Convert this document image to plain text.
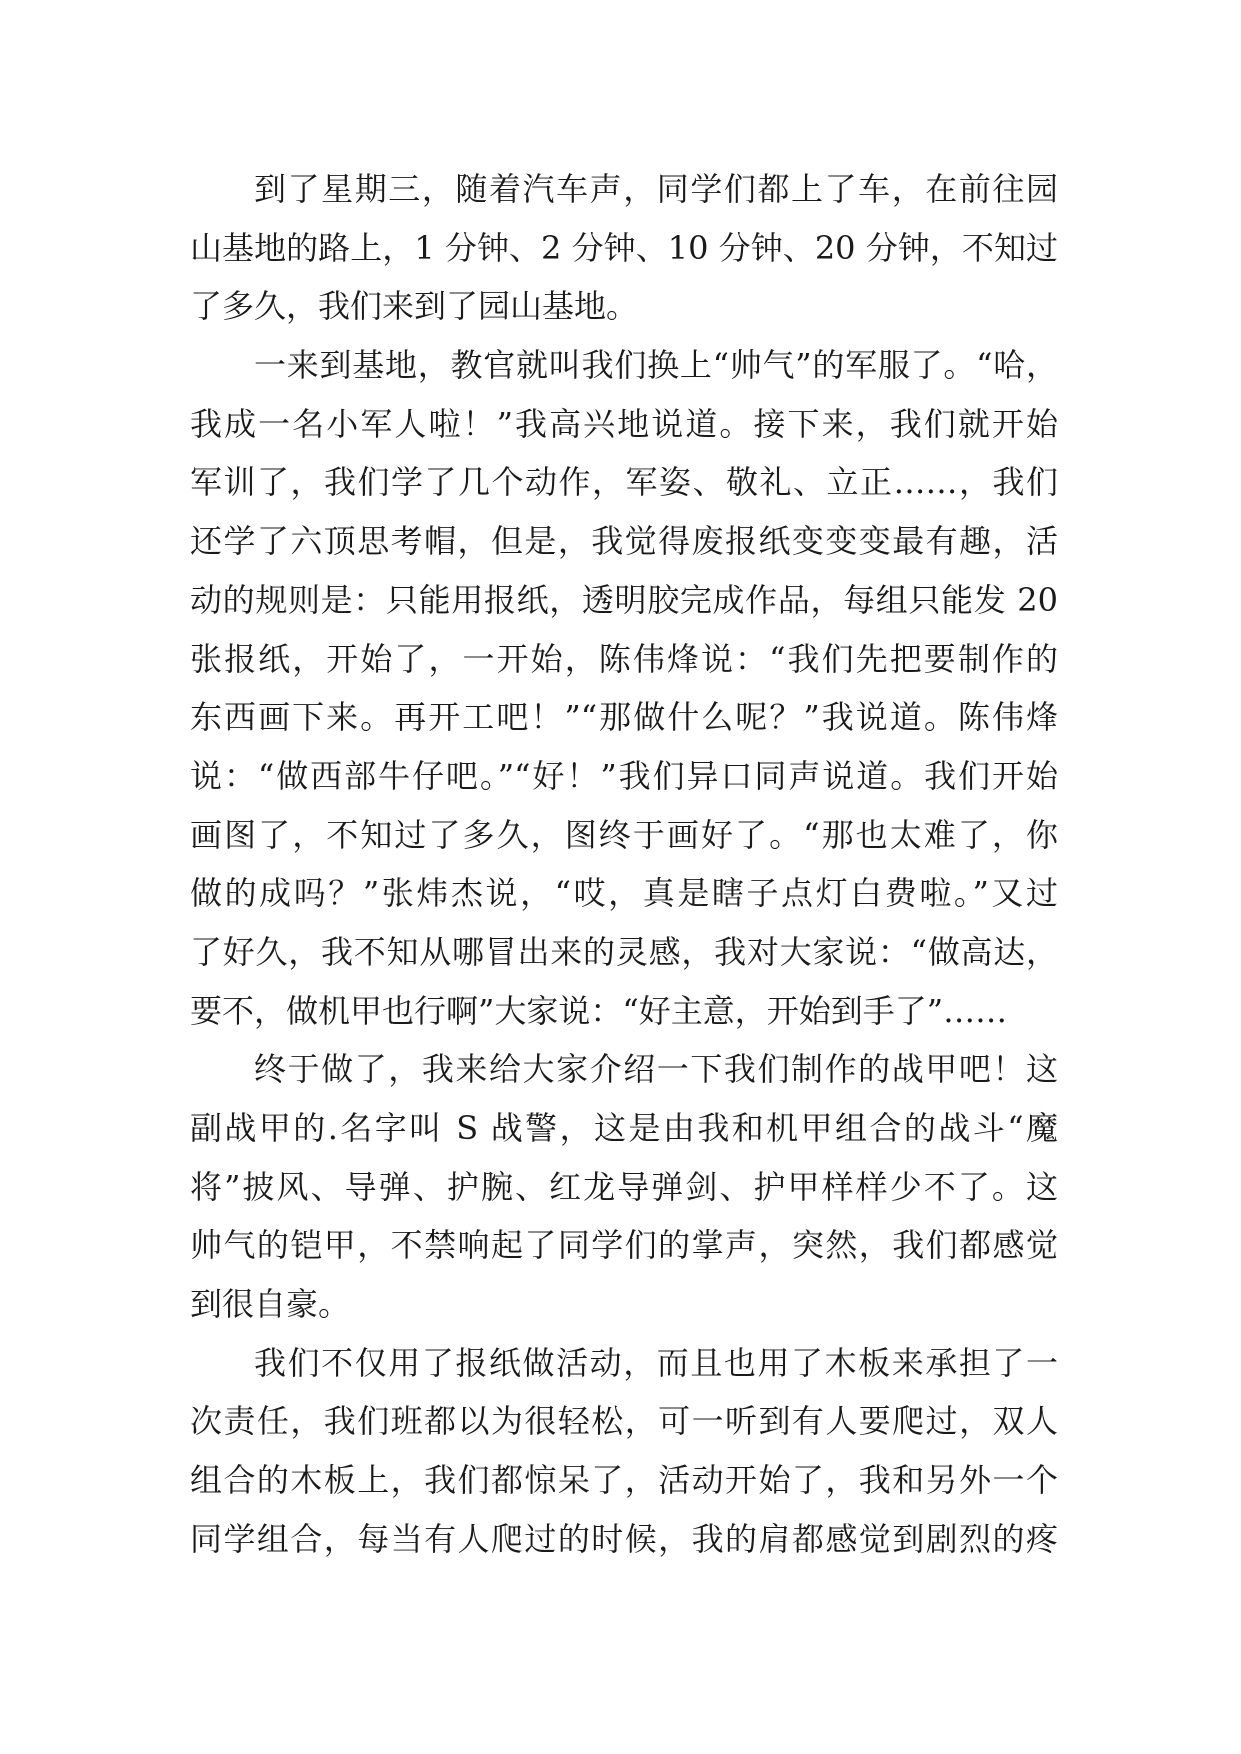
到了星期三，随着汽车声，同学们都上了车，在前往园
山基地的路上，1 分钟、2 分钟、10 分钟、20 分钟，不知过
了多久，我们来到了园山基地。
一来到基地，教官就叫我们换上“帅气”的军服了。“哈，
我成一名小军人啦！”我高兴地说道。接下来，我们就开始
军训了，我们学了几个动作，军姿、敬礼、立正……，我们
还学了六顶思考帽，但是，我觉得废报纸变变变最有趣，活
动的规则是：只能用报纸，透明胶完成作品，每组只能发 20
张报纸，开始了，一开始，陈伟烽说：“我们先把要制作的
东西画下来。再开工吧！”“那做什么呢？”我说道。陈伟烽
说：“做西部牛仔吧。”“好！”我们异口同声说道。我们开始
画图了，不知过了多久，图终于画好了。“那也太难了，你
做的成吗？”张炜杰说，“哎，真是瞎子点灯白费啦。”又过
了好久，我不知从哪冒出来的灵感，我对大家说：“做高达，
要不，做机甲也行啊”大家说：“好主意，开始到手了”……
终于做了，我来给大家介绍一下我们制作的战甲吧！这
副战甲的.名字叫 S 战警，这是由我和机甲组合的战斗“魔
将”披风、导弹、护腕、红龙导弹剑、护甲样样少不了。这
帅气的铠甲，不禁响起了同学们的掌声，突然，我们都感觉
到很自豪。
我们不仅用了报纸做活动，而且也用了木板来承担了一
次责任，我们班都以为很轻松，可一听到有人要爬过，双人
组合的木板上，我们都惊呆了，活动开始了，我和另外一个
同学组合，每当有人爬过的时候，我的肩都感觉到剧烈的疼
